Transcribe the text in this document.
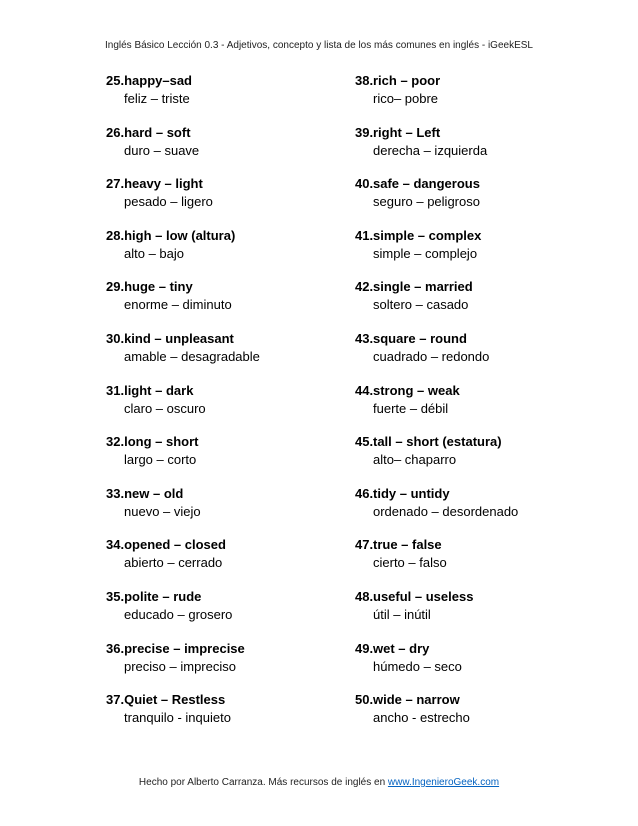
Inglés Básico Lección 0.3 - Adjetivos, concepto y lista de los más comunes en inglés - iGeekESL
25.happy–sad
feliz – triste
26.hard – soft
duro – suave
27.heavy – light
pesado – ligero
28.high – low (altura)
alto – bajo
29.huge – tiny
enorme – diminuto
30.kind – unpleasant
amable – desagradable
31.light – dark
claro – oscuro
32.long – short
largo – corto
33.new – old
nuevo – viejo
34.opened – closed
abierto – cerrado
35.polite – rude
educado – grosero
36.precise – imprecise
preciso – impreciso
37.Quiet – Restless
tranquilo - inquieto
38.rich – poor
rico– pobre
39.right – Left
derecha – izquierda
40.safe – dangerous
seguro – peligroso
41.simple – complex
simple – complejo
42.single – married
soltero – casado
43.square – round
cuadrado – redondo
44.strong – weak
fuerte – débil
45.tall – short (estatura)
alto– chaparro
46.tidy – untidy
ordenado – desordenado
47.true – false
cierto – falso
48.useful – useless
útil – inútil
49.wet – dry
húmedo – seco
50.wide – narrow
ancho - estrecho
Hecho por Alberto Carranza. Más recursos de inglés en www.IngenieroGeek.com
